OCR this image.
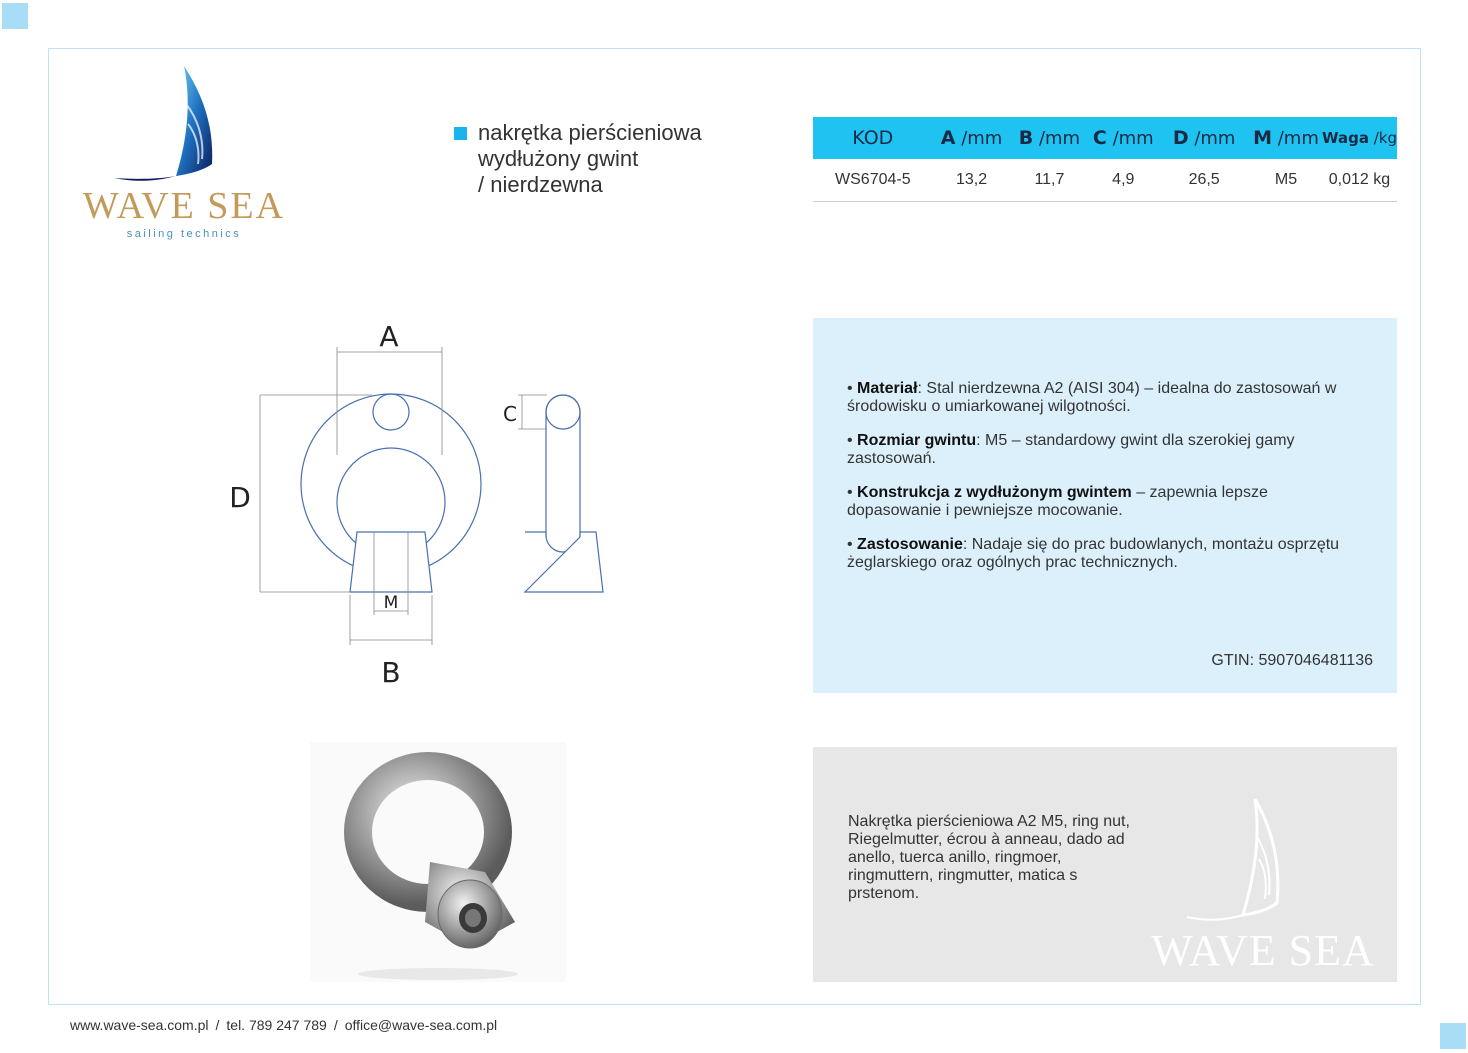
WAVE SEA
sailing technics
nakrętka pierścieniowa
wydłużony gwint
/ nierdzewna
KOD	A /mm	B /mm	C /mm	D /mm	M /mm	Waga /kg
WS6704-5	13,2	11,7	4,9	26,5	M5	0,012 kg
A
D
C
B
M
• Materiał: Stal nierdzewna A2 (AISI 304) – idealna do zastosowań w środowisku o umiarkowanej wilgotności.
• Rozmiar gwintu: M5 – standardowy gwint dla szerokiej gamy zastosowań.
• Konstrukcja z wydłużonym gwintem – zapewnia lepsze dopasowanie i pewniejsze mocowanie.
• Zastosowanie: Nadaje się do prac budowlanych, montażu osprzętu żeglarskiego oraz ogólnych prac technicznych.
GTIN: 5907046481136
Nakrętka pierścieniowa A2 M5, ring nut, Riegelmutter, écrou à anneau, dado ad anello, tuerca anillo, ringmoer, ringmuttern, ringmutter, matica s prstenom.
WAVE SEA
www.wave-sea.com.pl / tel. 789 247 789 / office@wave-sea.com.pl
